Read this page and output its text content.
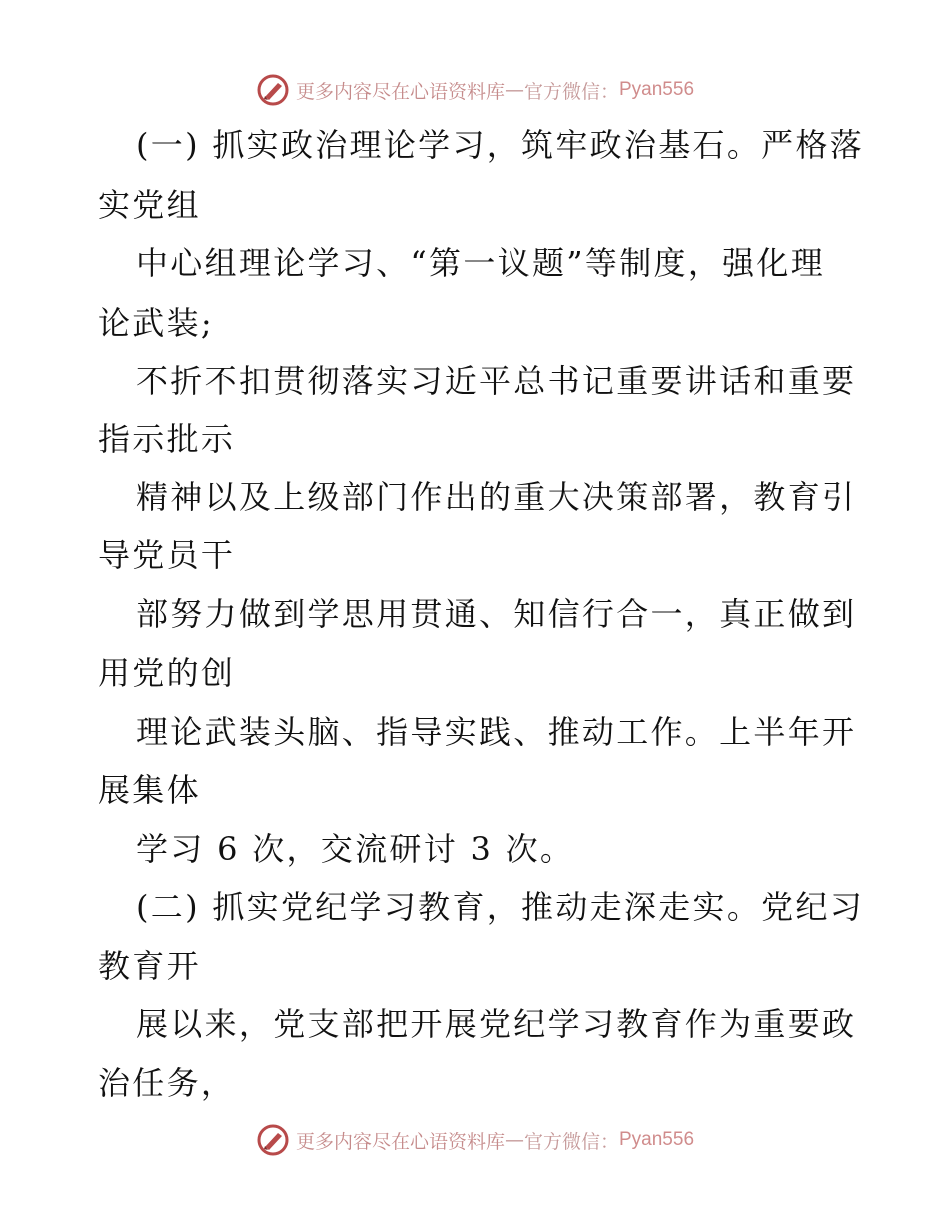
更多内容尽在心语资料库 — 官方微信： Pyan556
(一) 抓实政治理论学习，筑牢政治基石。严格落
实党组
中心组理论学习、“第一议题”等制度，强化理
论武装;
不折不扣贯彻落实习近平总书记重要讲话和重要
指示批示
精神以及上级部门作出的重大决策部署，教育引
导党员干
部努力做到学思用贯通、知信行合一，真正做到
用党的创
理论武装头脑、指导实践、推动工作。上半年开
展集体
学习 6 次，交流研讨 3 次。
(二) 抓实党纪学习教育，推动走深走实。党纪习
教育开
展以来，党支部把开展党纪学习教育作为重要政
治任务，
更多内容尽在心语资料库 — 官方微信： Pyan556
